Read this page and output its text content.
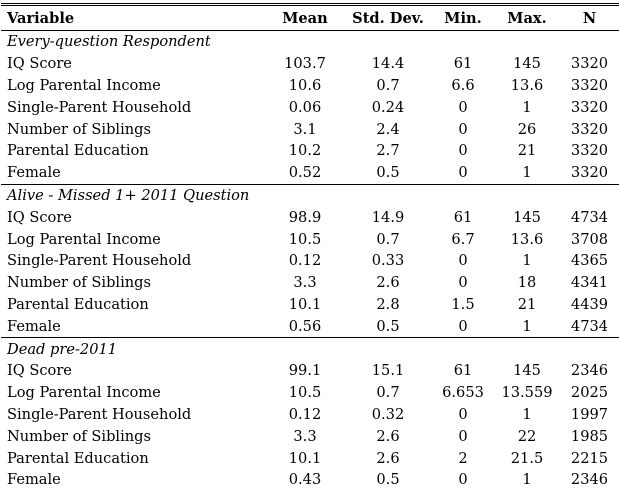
Variable	Mean	Std. Dev.	Min.	Max.	N
Every-question Respondent					
IQ Score	103.7	14.4	61	145	3320
Log Parental Income	10.6	0.7	6.6	13.6	3320
Single-Parent Household	0.06	0.24	0	1	3320
Number of Siblings	3.1	2.4	0	26	3320
Parental Education	10.2	2.7	0	21	3320
Female	0.52	0.5	0	1	3320
Alive - Missed 1+ 2011 Question					
IQ Score	98.9	14.9	61	145	4734
Log Parental Income	10.5	0.7	6.7	13.6	3708
Single-Parent Household	0.12	0.33	0	1	4365
Number of Siblings	3.3	2.6	0	18	4341
Parental Education	10.1	2.8	1.5	21	4439
Female	0.56	0.5	0	1	4734
Dead pre-2011					
IQ Score	99.1	15.1	61	145	2346
Log Parental Income	10.5	0.7	6.653	13.559	2025
Single-Parent Household	0.12	0.32	0	1	1997
Number of Siblings	3.3	2.6	0	22	1985
Parental Education	10.1	2.6	2	21.5	2215
Female	0.43	0.5	0	1	2346
